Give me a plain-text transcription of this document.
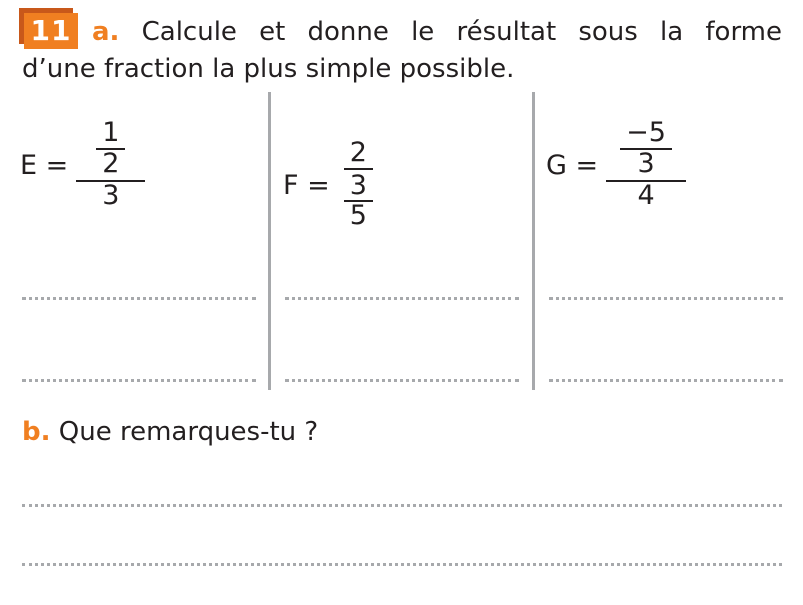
11 a. Calcule et donne le résultat sous la forme
d’une fraction la plus simple possible.
$E = \frac{\frac{1}{2}}{3}$	$F = \frac{2}{\frac{3}{5}}$	$G = \frac{\frac{-5}{3}}{4}$
b. Que remarques-tu ?
